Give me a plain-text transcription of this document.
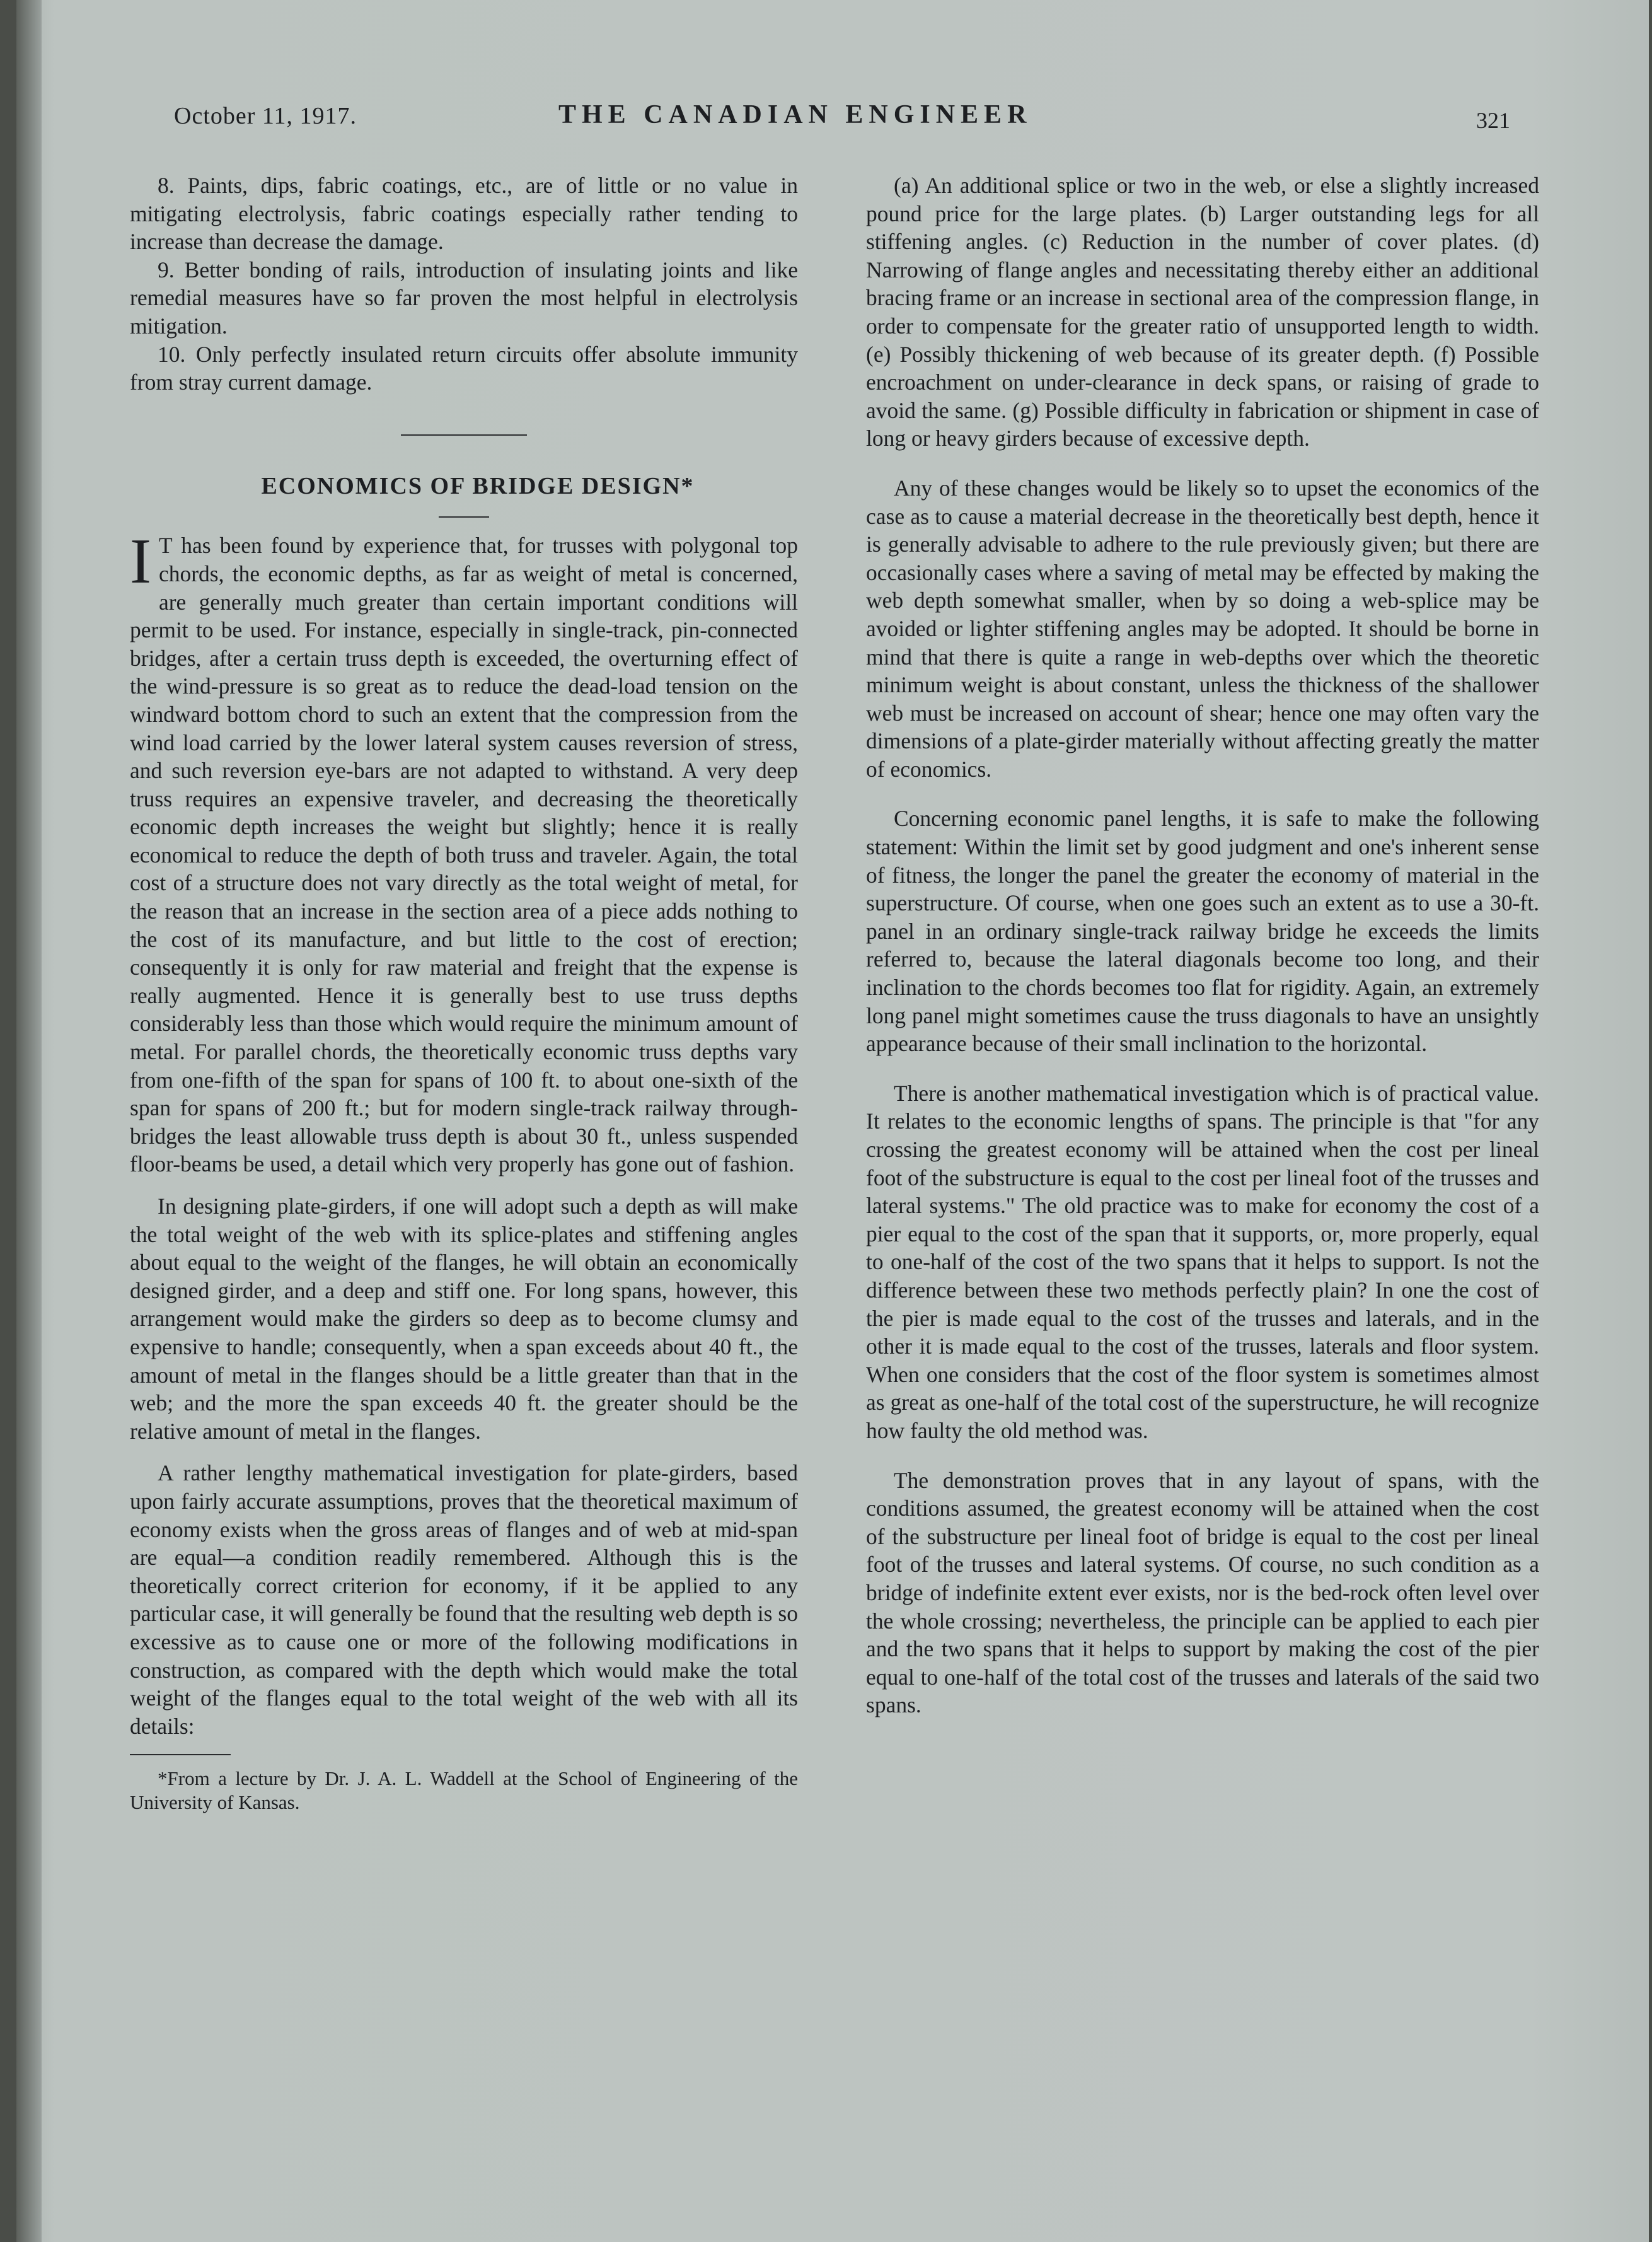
October 11, 1917.	THE CANADIAN ENGINEER	321

8. Paints, dips, fabric coatings, etc., are of little or no value in mitigating electrolysis, fabric coatings especially rather tending to increase than decrease the damage.

9. Better bonding of rails, introduction of insulating joints and like remedial measures have so far proven the most helpful in electrolysis mitigation.

10. Only perfectly insulated return circuits offer absolute immunity from stray current damage.

ECONOMICS OF BRIDGE DESIGN*

I T has been found by experience that, for trusses with polygonal top chords, the economic depths, as far as weight of metal is concerned, are generally much greater than certain important conditions will permit to be used. For instance, especially in single-track, pin-connected bridges, after a certain truss depth is exceeded, the overturning effect of the wind-pressure is so great as to reduce the dead-load tension on the windward bottom chord to such an extent that the compression from the wind load carried by the lower lateral system causes reversion of stress, and such reversion eye-bars are not adapted to withstand. A very deep truss requires an expensive traveler, and decreasing the theoretically economic depth increases the weight but slightly; hence it is really economical to reduce the depth of both truss and traveler. Again, the total cost of a structure does not vary directly as the total weight of metal, for the reason that an increase in the section area of a piece adds nothing to the cost of its manufacture, and but little to the cost of erection; consequently it is only for raw material and freight that the expense is really augmented. Hence it is generally best to use truss depths considerably less than those which would require the minimum amount of metal. For parallel chords, the theoretically economic truss depths vary from one-fifth of the span for spans of 100 ft. to about one-sixth of the span for spans of 200 ft.; but for modern single-track railway through-bridges the least allowable truss depth is about 30 ft., unless suspended floor-beams be used, a detail which very properly has gone out of fashion.

In designing plate-girders, if one will adopt such a depth as will make the total weight of the web with its splice-plates and stiffening angles about equal to the weight of the flanges, he will obtain an economically designed girder, and a deep and stiff one. For long spans, however, this arrangement would make the girders so deep as to become clumsy and expensive to handle; consequently, when a span exceeds about 40 ft., the amount of metal in the flanges should be a little greater than that in the web; and the more the span exceeds 40 ft. the greater should be the relative amount of metal in the flanges.

A rather lengthy mathematical investigation for plate-girders, based upon fairly accurate assumptions, proves that the theoretical maximum of economy exists when the gross areas of flanges and of web at mid-span are equal—a condition readily remembered. Although this is the theoretically correct criterion for economy, if it be applied to any particular case, it will generally be found that the resulting web depth is so excessive as to cause one or more of the following modifications in construction, as compared with the depth which would make the total weight of the flanges equal to the total weight of the web with all its details:

*From a lecture by Dr. J. A. L. Waddell at the School of Engineering of the University of Kansas.

(a) An additional splice or two in the web, or else a slightly increased pound price for the large plates. (b) Larger outstanding legs for all stiffening angles. (c) Reduction in the number of cover plates. (d) Narrowing of flange angles and necessitating thereby either an additional bracing frame or an increase in sectional area of the compression flange, in order to compensate for the greater ratio of unsupported length to width. (e) Possibly thickening of web because of its greater depth. (f) Possible encroachment on under-clearance in deck spans, or raising of grade to avoid the same. (g) Possible difficulty in fabrication or shipment in case of long or heavy girders because of excessive depth.

Any of these changes would be likely so to upset the economics of the case as to cause a material decrease in the theoretically best depth, hence it is generally advisable to adhere to the rule previously given; but there are occasionally cases where a saving of metal may be effected by making the web depth somewhat smaller, when by so doing a web-splice may be avoided or lighter stiffening angles may be adopted. It should be borne in mind that there is quite a range in web-depths over which the theoretic minimum weight is about constant, unless the thickness of the shallower web must be increased on account of shear; hence one may often vary the dimensions of a plate-girder materially without affecting greatly the matter of economics.

Concerning economic panel lengths, it is safe to make the following statement: Within the limit set by good judgment and one's inherent sense of fitness, the longer the panel the greater the economy of material in the superstructure. Of course, when one goes such an extent as to use a 30-ft. panel in an ordinary single-track railway bridge he exceeds the limits referred to, because the lateral diagonals become too long, and their inclination to the chords becomes too flat for rigidity. Again, an extremely long panel might sometimes cause the truss diagonals to have an unsightly appearance because of their small inclination to the horizontal.

There is another mathematical investigation which is of practical value. It relates to the economic lengths of spans. The principle is that "for any crossing the greatest economy will be attained when the cost per lineal foot of the substructure is equal to the cost per lineal foot of the trusses and lateral systems." The old practice was to make for economy the cost of a pier equal to the cost of the span that it supports, or, more properly, equal to one-half of the cost of the two spans that it helps to support. Is not the difference between these two methods perfectly plain? In one the cost of the pier is made equal to the cost of the trusses and laterals, and in the other it is made equal to the cost of the trusses, laterals and floor system. When one considers that the cost of the floor system is sometimes almost as great as one-half of the total cost of the superstructure, he will recognize how faulty the old method was.

The demonstration proves that in any layout of spans, with the conditions assumed, the greatest economy will be attained when the cost of the substructure per lineal foot of bridge is equal to the cost per lineal foot of the trusses and lateral systems. Of course, no such condition as a bridge of indefinite extent ever exists, nor is the bed-rock often level over the whole crossing; nevertheless, the principle can be applied to each pier and the two spans that it helps to support by making the cost of the pier equal to one-half of the total cost of the trusses and laterals of the said two spans.
